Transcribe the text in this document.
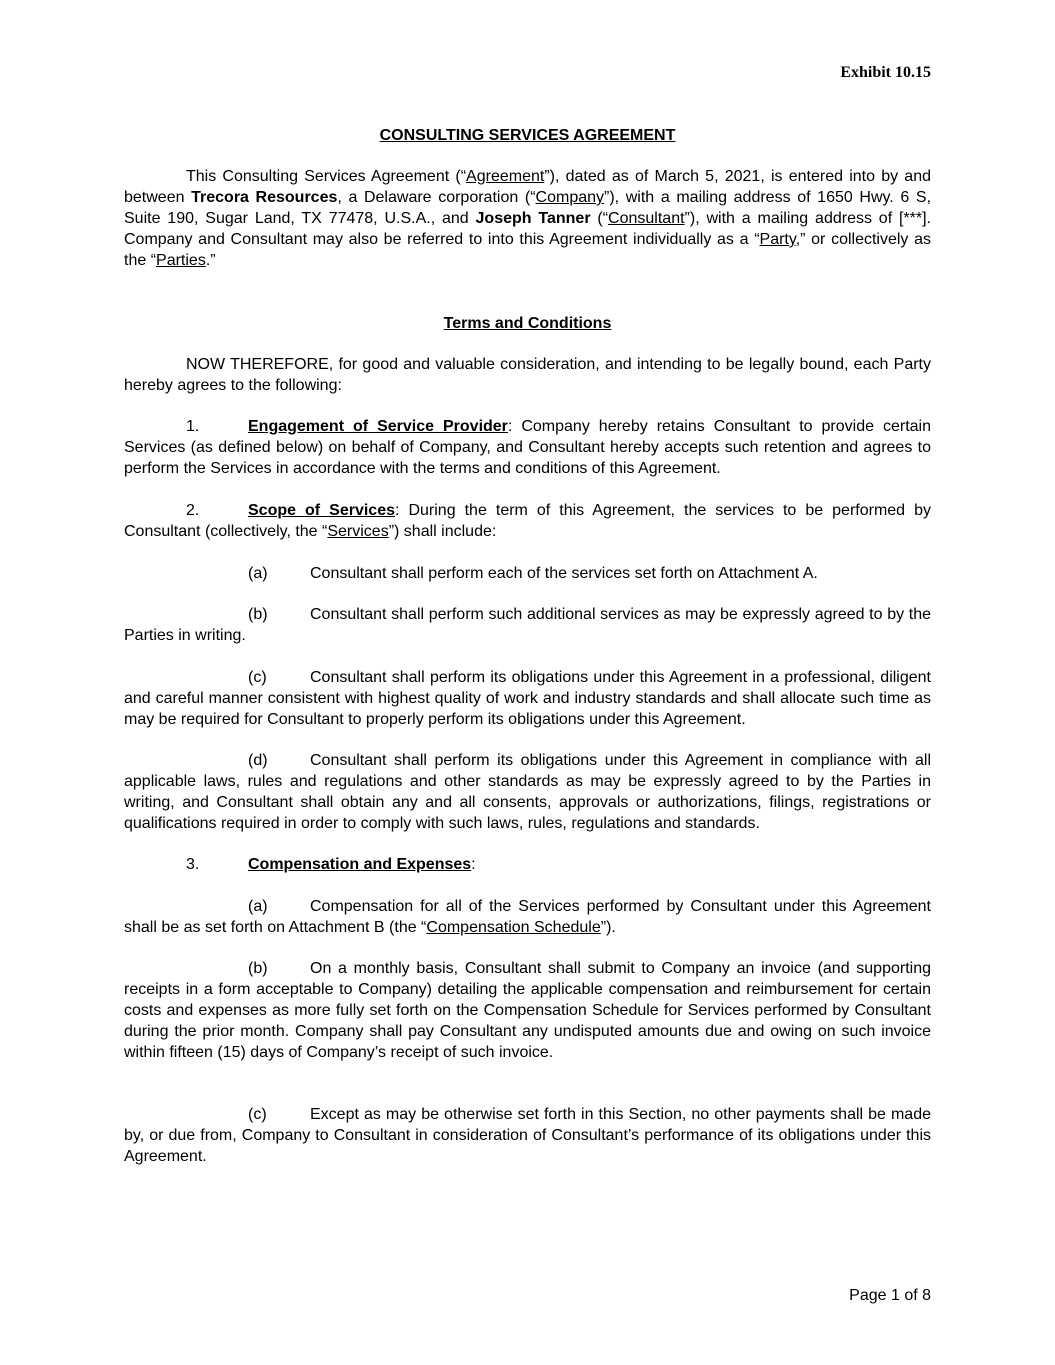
Exhibit 10.15
CONSULTING SERVICES AGREEMENT

This Consulting Services Agreement (“Agreement”), dated as of March 5, 2021, is entered into by and between Trecora Resources, a Delaware corporation (“Company”), with a mailing address of 1650 Hwy. 6 S, Suite 190, Sugar Land, TX 77478, U.S.A., and Joseph Tanner (“Consultant”), with a mailing address of [***]. Company and Consultant may also be referred to into this Agreement individually as a “Party,” or collectively as the “Parties.”

Terms and Conditions

NOW THEREFORE, for good and valuable consideration, and intending to be legally bound, each Party hereby agrees to the following:

1.	Engagement of Service Provider: Company hereby retains Consultant to provide certain Services (as defined below) on behalf of Company, and Consultant hereby accepts such retention and agrees to perform the Services in accordance with the terms and conditions of this Agreement.

2.	Scope of Services: During the term of this Agreement, the services to be performed by Consultant (collectively, the “Services”) shall include:

(a)	Consultant shall perform each of the services set forth on Attachment A.

(b)	Consultant shall perform such additional services as may be expressly agreed to by the Parties in writing.

(c)	Consultant shall perform its obligations under this Agreement in a professional, diligent and careful manner consistent with highest quality of work and industry standards and shall allocate such time as may be required for Consultant to properly perform its obligations under this Agreement.

(d)	Consultant shall perform its obligations under this Agreement in compliance with all applicable laws, rules and regulations and other standards as may be expressly agreed to by the Parties in writing, and Consultant shall obtain any and all consents, approvals or authorizations, filings, registrations or qualifications required in order to comply with such laws, rules, regulations and standards.

3.	Compensation and Expenses:

(a)	Compensation for all of the Services performed by Consultant under this Agreement shall be as set forth on Attachment B (the “Compensation Schedule”).

(b)	On a monthly basis, Consultant shall submit to Company an invoice (and supporting receipts in a form acceptable to Company) detailing the applicable compensation and reimbursement for certain costs and expenses as more fully set forth on the Compensation Schedule for Services performed by Consultant during the prior month. Company shall pay Consultant any undisputed amounts due and owing on such invoice within fifteen (15) days of Company’s receipt of such invoice.

(c)	Except as may be otherwise set forth in this Section, no other payments shall be made by, or due from, Company to Consultant in consideration of Consultant’s performance of its obligations under this Agreement.

Page 1 of 8
